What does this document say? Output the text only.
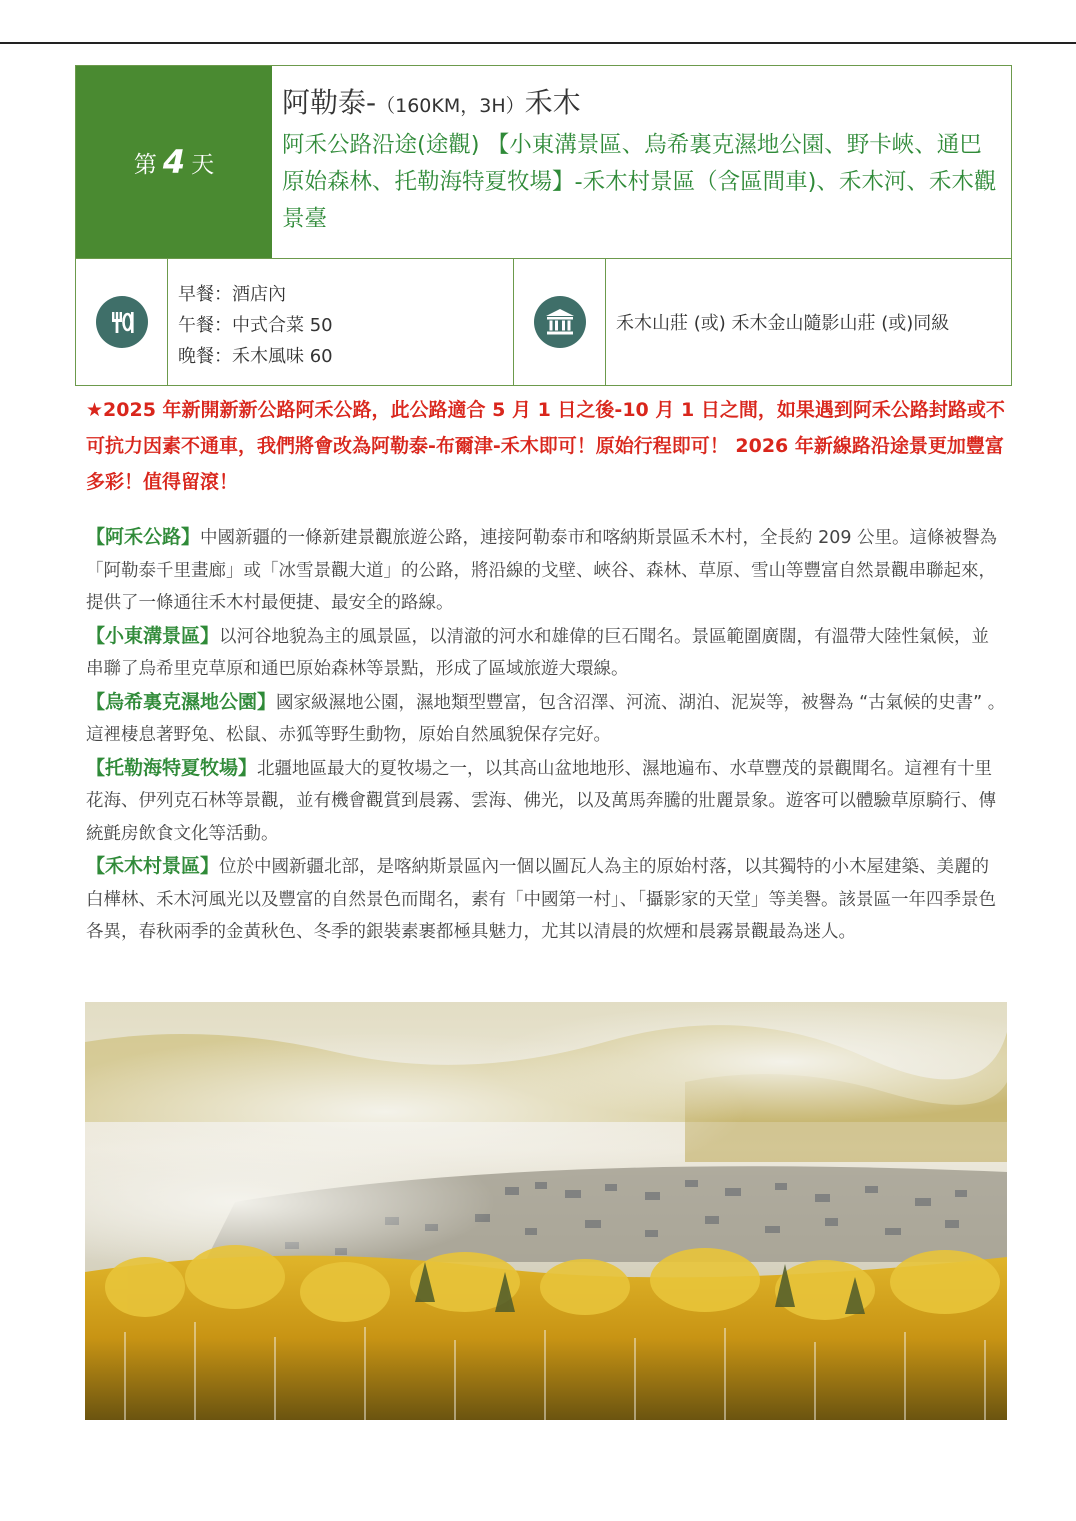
第 4 天
阿勒泰-（160KM，3H）禾木
阿禾公路沿途(途觀) 【小東溝景區、烏希裏克濕地公園、野卡峽、通巴原始森林、托勒海特夏牧場】-禾木村景區（含區間車)、禾木河、禾木觀景臺
早餐：酒店內
午餐：中式合菜 50
晚餐：禾木風味 60
禾木山莊 (或) 禾木金山隨影山莊 (或)同級
★2025 年新開新新公路阿禾公路，此公路適合 5 月 1 日之後-10 月 1 日之間，如果遇到阿禾公路封路或不可抗力因素不通車，我們將會改為阿勒泰-布爾津-禾木即可！原始行程即可！ 2026 年新線路沿途景更加豐富多彩！值得留滾！

【阿禾公路】中國新疆的一條新建景觀旅遊公路，連接阿勒泰市和喀納斯景區禾木村，全長約 209 公里。這條被譽為「阿勒泰千里畫廊」或「冰雪景觀大道」的公路，將沿線的戈壁、峽谷、森林、草原、雪山等豐富自然景觀串聯起來，提供了一條通往禾木村最便捷、最安全的路線。

【小東溝景區】以河谷地貌為主的風景區，以清澈的河水和雄偉的巨石聞名。景區範圍廣闊，有溫帶大陸性氣候，並串聯了烏希里克草原和通巴原始森林等景點，形成了區域旅遊大環線。

【烏希裏克濕地公園】國家級濕地公園，濕地類型豐富，包含沼澤、河流、湖泊、泥炭等，被譽為 “古氣候的史書” 。這裡棲息著野兔、松鼠、赤狐等野生動物，原始自然風貌保存完好。

【托勒海特夏牧場】北疆地區最大的夏牧場之一，以其高山盆地地形、濕地遍布、水草豐茂的景觀聞名。這裡有十里花海、伊列克石林等景觀，並有機會觀賞到晨霧、雲海、佛光，以及萬馬奔騰的壯麗景象。遊客可以體驗草原騎行、傳統氈房飲食文化等活動。

【禾木村景區】位於中國新疆北部，是喀納斯景區內一個以圖瓦人為主的原始村落，以其獨特的小木屋建築、美麗的白樺林、禾木河風光以及豐富的自然景色而聞名，素有「中國第一村」、「攝影家的天堂」等美譽。該景區一年四季景色各異，春秋兩季的金黃秋色、冬季的銀裝素裹都極具魅力，尤其以清晨的炊煙和晨霧景觀最為迷人。
